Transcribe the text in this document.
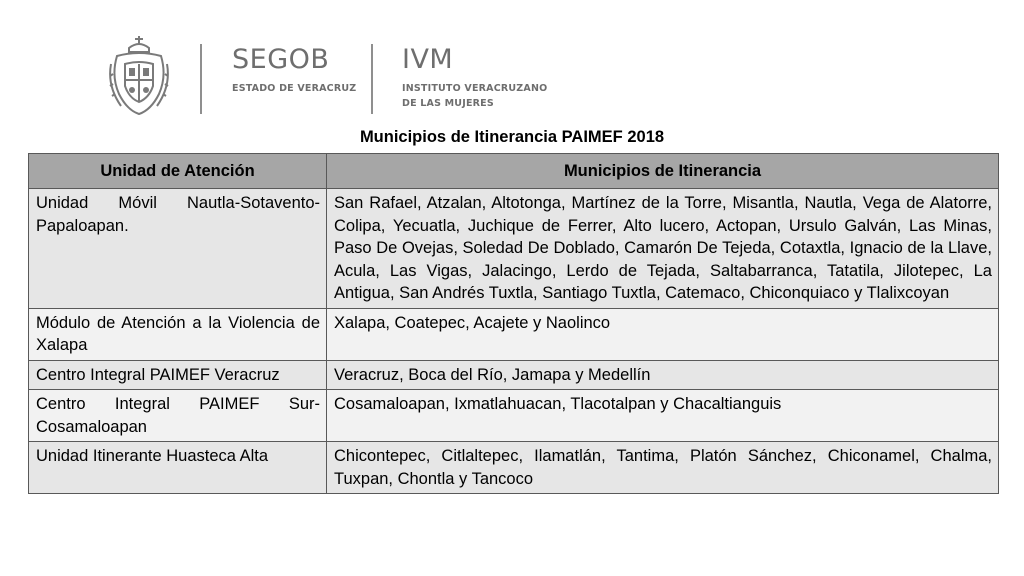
SEGOB
ESTADO DE VERACRUZ
IVM
INSTITUTO VERACRUZANO
DE LAS MUJERES
Municipios de Itinerancia PAIMEF 2018
Unidad de Atención	Municipios de Itinerancia
Unidad Móvil Nautla-Sotavento-Papaloapan.	San Rafael, Atzalan, Altotonga, Martínez de la Torre, Misantla, Nautla, Vega de Alatorre, Colipa, Yecuatla, Juchique de Ferrer, Alto lucero, Actopan, Ursulo Galván, Las Minas, Paso De Ovejas, Soledad De Doblado, Camarón De Tejeda, Cotaxtla, Ignacio de la Llave, Acula, Las Vigas, Jalacingo, Lerdo de Tejada, Saltabarranca, Tatatila, Jilotepec, La Antigua, San Andrés Tuxtla, Santiago Tuxtla, Catemaco, Chiconquiaco y Tlalixcoyan
Módulo de Atención a la Violencia de Xalapa	Xalapa, Coatepec, Acajete y Naolinco
Centro Integral PAIMEF Veracruz	Veracruz, Boca del Río, Jamapa y Medellín
Centro Integral PAIMEF Sur-Cosamaloapan	Cosamaloapan, Ixmatlahuacan, Tlacotalpan y Chacaltianguis
Unidad Itinerante Huasteca Alta	Chicontepec, Citlaltepec, Ilamatlán, Tantima, Platón Sánchez, Chiconamel, Chalma, Tuxpan, Chontla y Tancoco
